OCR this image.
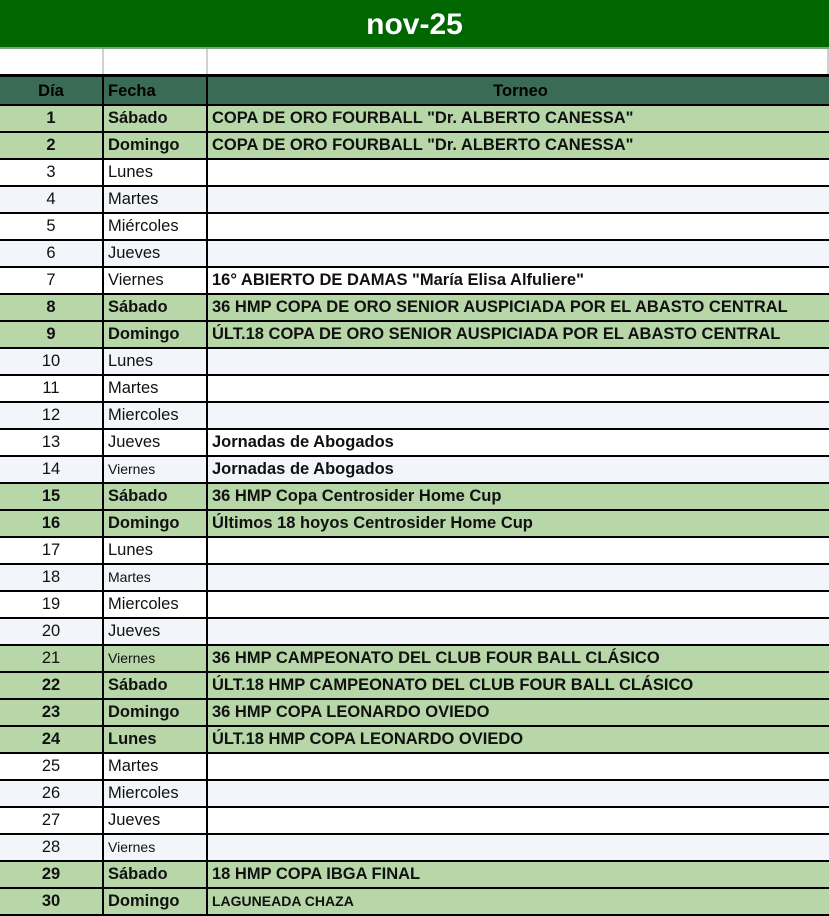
nov-25
Día	Fecha	Torneo
1	Sábado	COPA DE ORO FOURBALL "Dr. ALBERTO CANESSA"
2	Domingo	COPA DE ORO FOURBALL "Dr. ALBERTO CANESSA"
3	Lunes
4	Martes
5	Miércoles
6	Jueves
7	Viernes	16° ABIERTO DE DAMAS "María Elisa Alfuliere"
8	Sábado	36 HMP COPA DE ORO SENIOR AUSPICIADA POR EL ABASTO CENTRAL
9	Domingo	ÚLT.18 COPA DE ORO SENIOR AUSPICIADA POR EL ABASTO CENTRAL
10	Lunes
11	Martes
12	Miercoles
13	Jueves	Jornadas de Abogados
14	Viernes	Jornadas de Abogados
15	Sábado	36 HMP Copa Centrosider Home Cup
16	Domingo	Últimos 18 hoyos Centrosider Home Cup
17	Lunes
18	Martes
19	Miercoles
20	Jueves
21	Viernes	36 HMP CAMPEONATO DEL CLUB FOUR BALL CLÁSICO
22	Sábado	ÚLT.18 HMP CAMPEONATO DEL CLUB FOUR BALL CLÁSICO
23	Domingo	36 HMP COPA LEONARDO OVIEDO
24	Lunes	ÚLT.18 HMP COPA LEONARDO OVIEDO
25	Martes
26	Miercoles
27	Jueves
28	Viernes
29	Sábado	18 HMP COPA IBGA FINAL
30	Domingo	LAGUNEADA CHAZA
